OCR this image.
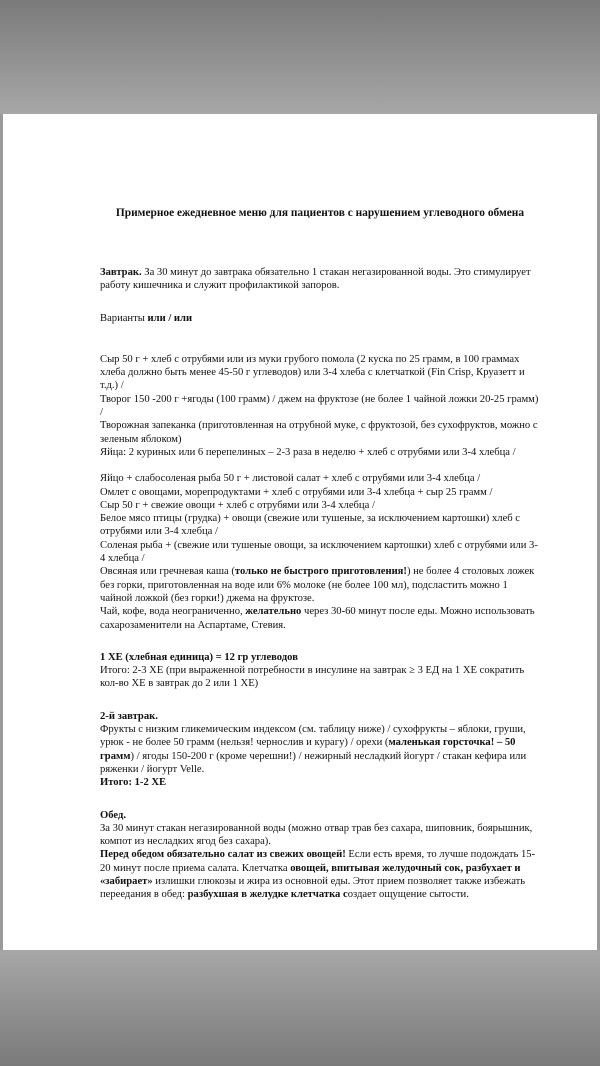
Примерное ежедневное меню для пациентов с нарушением углеводного обмена

Завтрак. За 30 минут до завтрака обязательно 1 стакан негазированной воды. Это стимулирует работу кишечника и служит профилактикой запоров.

Варианты или / или

Сыр 50 г + хлеб с отрубями или из муки грубого помола (2 куска по 25 грамм, в 100 граммах хлеба должно быть менее 45-50 г углеводов) или 3-4 хлеба с клетчаткой (Fin Crisp, Круазетт и т.д.) /

Творог 150 -200 г +ягоды (100 грамм) / джем на фруктозе (не более 1 чайной ложки 20-25 грамм) /

Творожная запеканка (приготовленная на отрубной муке, с фруктозой, без сухофруктов, можно с зеленым яблоком)

Яйца: 2 куриных или 6 перепелиных – 2-3 раза в неделю + хлеб с отрубями или 3-4 хлебца /

Яйцо + слабосоленая рыба 50 г + листовой салат + хлеб с отрубями или 3-4 хлебца /

Омлет с овощами, морепродуктами + хлеб с отрубями или 3-4 хлебца + сыр 25 грамм /

Сыр 50 г + свежие овощи + хлеб с отрубями или 3-4 хлебца /

Белое мясо птицы (грудка) + овощи (свежие или тушеные, за исключением картошки) хлеб с отрубями или 3-4 хлебца /

Соленая рыба + (свежие или тушеные овощи, за исключением картошки) хлеб с отрубями или 3-4 хлебца /

Овсяная или гречневая каша (только не быстрого приготовления!) не более 4 столовых ложек без горки, приготовленная на воде или 6% молоке (не более 100 мл), подсластить можно 1 чайной ложкой (без горки!) джема на фруктозе.

Чай, кофе, вода неограниченно, желательно через 30-60 минут после еды. Можно использовать сахарозаменители на Аспартаме, Стевия.

1 ХЕ (хлебная единица) = 12 гр углеводов

Итого: 2-3 ХЕ (при выраженной потребности в инсулине на завтрак ≥ 3 ЕД на 1 ХЕ сократить кол-во ХЕ в завтрак до 2 или 1 ХЕ)

2-й завтрак.

Фрукты с низким гликемическим индексом (см. таблицу ниже) / сухофрукты – яблоки, груши, урюк - не более 50 грамм (нельзя! чернослив и курагу) / орехи (маленькая горсточка! – 50 грамм) / ягоды 150-200 г (кроме черешни!) / нежирный несладкий йогурт / стакан кефира или ряженки / йогурт Velle.

Итого: 1-2 ХЕ

Обед.

За 30 минут стакан негазированной воды (можно отвар трав без сахара, шиповник, боярышник, компот из несладких ягод без сахара).

Перед обедом обязательно салат из свежих овощей! Если есть время, то лучше подождать 15-20 минут после приема салата. Клетчатка овощей, впитывая желудочный сок, разбухает и «забирает» излишки глюкозы и жира из основной еды. Этот прием позволяет также избежать переедания в обед: разбухшая в желудке клетчатка создает ощущение сытости.
